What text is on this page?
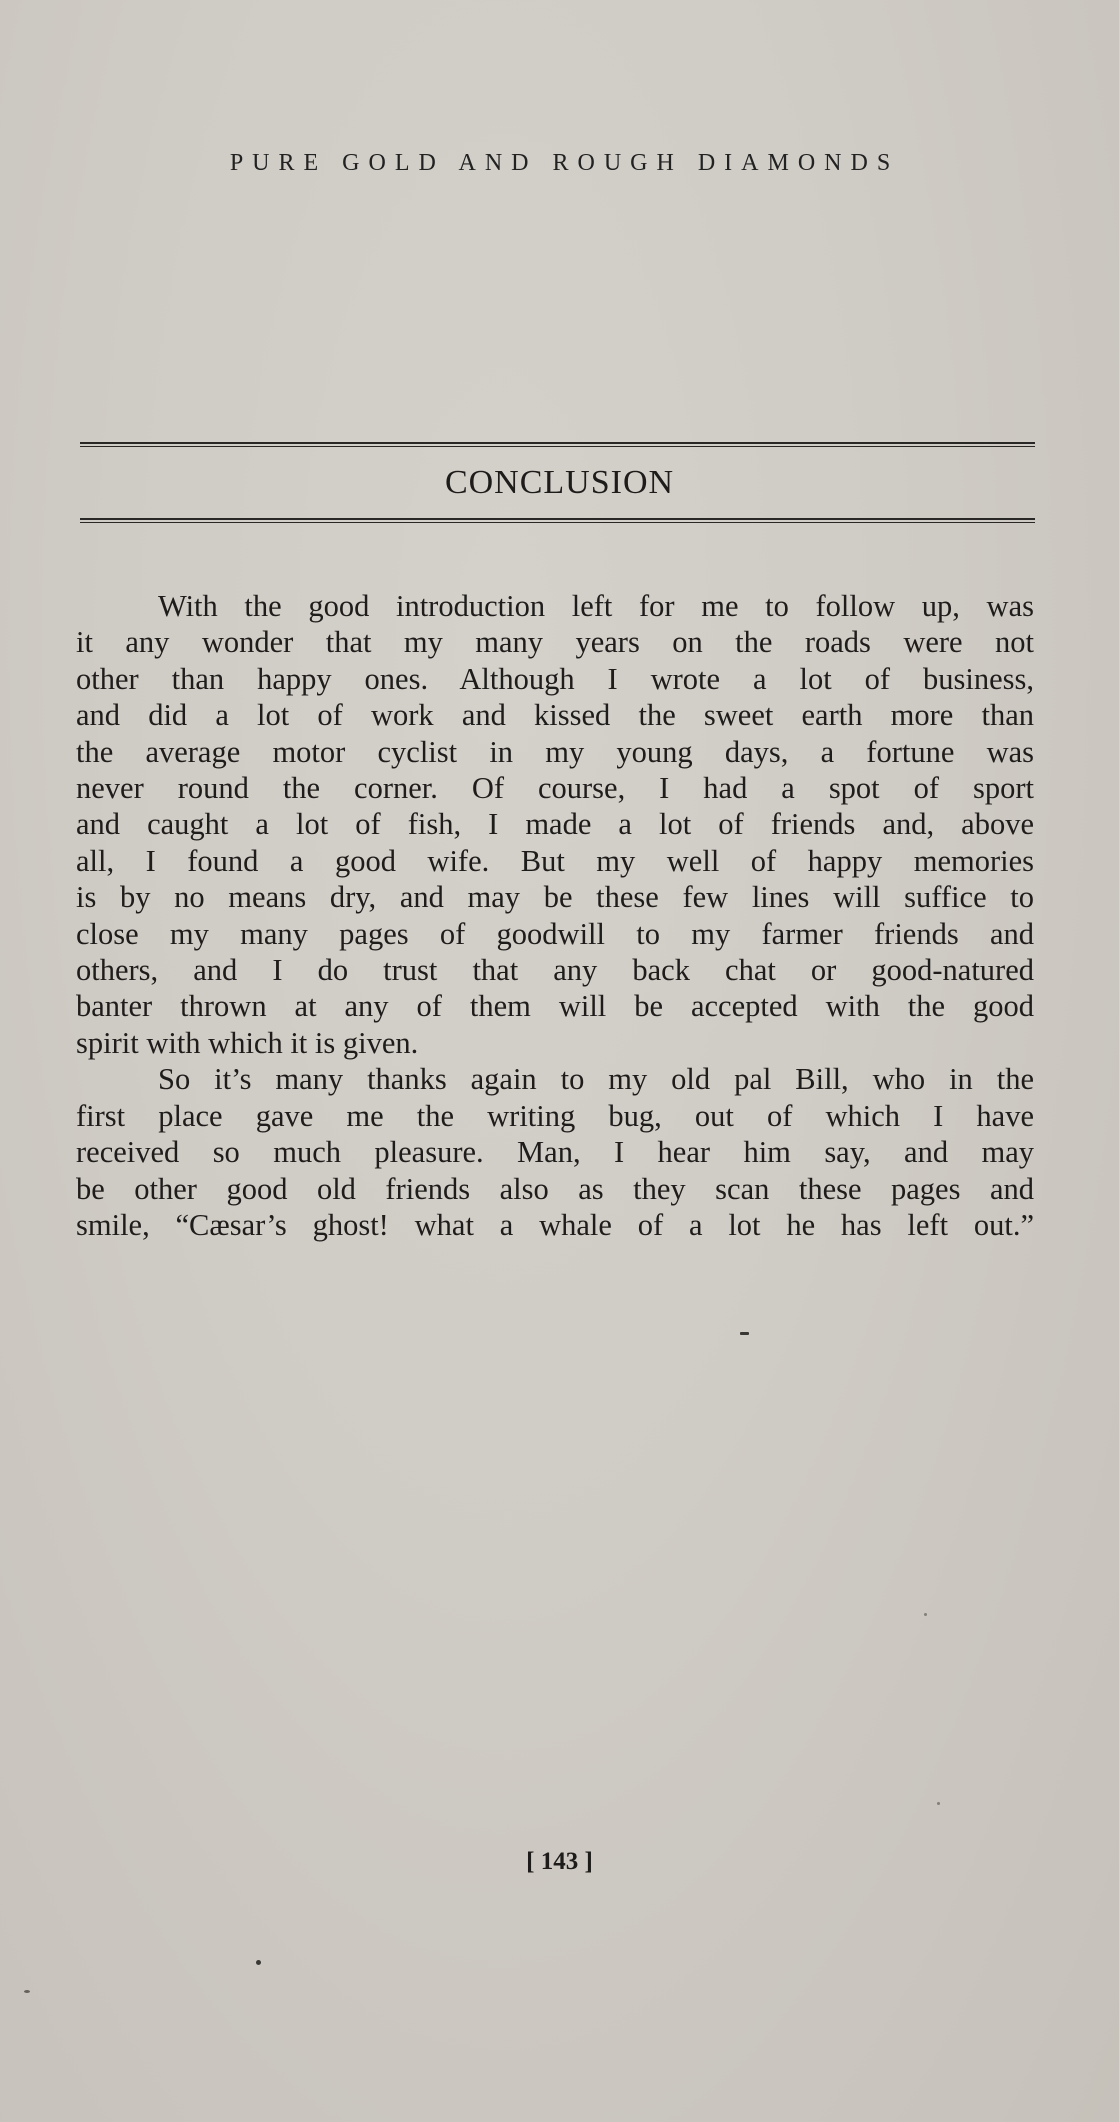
PURE GOLD AND ROUGH DIAMONDS
CONCLUSION
With the good introduction left for me to follow up, was
it any wonder that my many years on the roads were not
other than happy ones. Although I wrote a lot of business,
and did a lot of work and kissed the sweet earth more than
the average motor cyclist in my young days, a fortune was
never round the corner. Of course, I had a spot of sport
and caught a lot of fish, I made a lot of friends and, above
all, I found a good wife. But my well of happy memories
is by no means dry, and may be these few lines will suffice to
close my many pages of goodwill to my farmer friends and
others, and I do trust that any back chat or good-natured
banter thrown at any of them will be accepted with the good
spirit with which it is given.
So it’s many thanks again to my old pal Bill, who in the
first place gave me the writing bug, out of which I have
received so much pleasure. Man, I hear him say, and may
be other good old friends also as they scan these pages and
smile, “Cæsar’s ghost! what a whale of a lot he has left out.”
[ 143 ]
